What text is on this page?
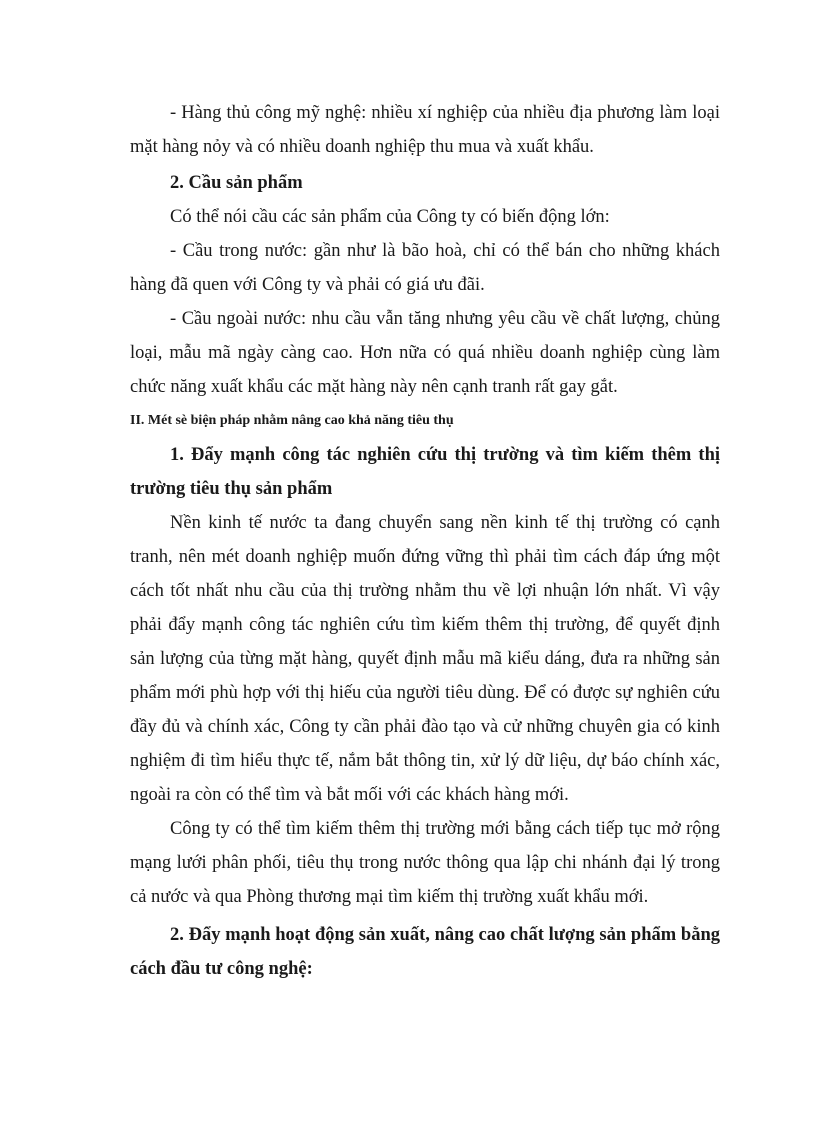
- Hàng thủ công mỹ nghệ: nhiều xí nghiệp của nhiều địa phương làm loại mặt hàng nỏy và có nhiều doanh nghiệp thu mua và xuất khẩu.

2. Cầu sản phẩm

Có thể nói cầu các sản phẩm của Công ty có biến động lớn:

- Cầu trong nước: gần như là bão hoà, chỉ có thể bán cho những khách hàng đã quen với Công ty và phải có giá ưu đãi.

- Cầu ngoài nước: nhu cầu vẫn tăng nhưng yêu cầu về chất lượng, chủng loại, mẫu mã ngày càng cao. Hơn nữa có quá nhiều doanh nghiệp cùng làm chức năng xuất khẩu các mặt hàng này nên cạnh tranh rất gay gắt.

II. Mét sè biện pháp nhằm nâng cao khả năng tiêu thụ

1. Đẩy mạnh công tác nghiên cứu thị trường và tìm kiếm thêm thị trường tiêu thụ sản phẩm

Nền kinh tế nước ta đang chuyển sang nền kinh tế thị trường có cạnh tranh, nên mét doanh nghiệp muốn đứng vững thì phải tìm cách đáp ứng một cách tốt nhất nhu cầu của thị trường nhằm thu về lợi nhuận lớn nhất. Vì vậy phải đẩy mạnh công tác nghiên cứu tìm kiếm thêm thị trường, để quyết định sản lượng của từng mặt hàng, quyết định mẫu mã kiểu dáng, đưa ra những sản phẩm mới phù hợp với thị hiếu của người tiêu dùng. Để có được sự nghiên cứu đầy đủ và chính xác, Công ty cần phải đào tạo và cử những chuyên gia có kinh nghiệm đi tìm hiểu thực tế, nắm bắt thông tin, xử lý dữ liệu, dự báo chính xác, ngoài ra còn có thể tìm và bắt mối với các khách hàng mới.

Công ty có thể tìm kiếm thêm thị trường mới bằng cách tiếp tục mở rộng mạng lưới phân phối, tiêu thụ trong nước thông qua lập chi nhánh đại lý trong cả nước và qua Phòng thương mại tìm kiếm thị trường xuất khẩu mới.

2. Đẩy mạnh hoạt động sản xuất, nâng cao chất lượng sản phẩm bằng cách đầu tư công nghệ:
